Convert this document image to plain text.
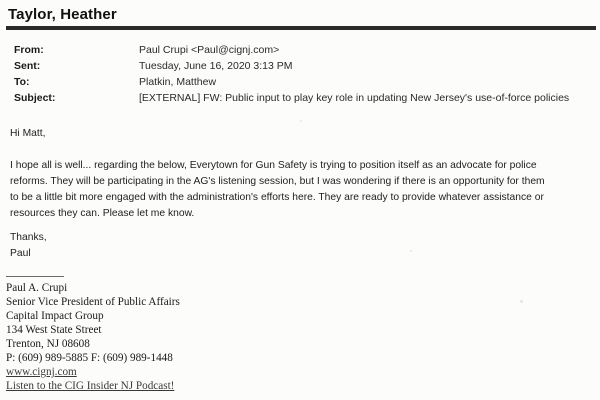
Taylor, Heather
From:	Paul Crupi <Paul@cignj.com>
Sent:	Tuesday, June 16, 2020 3:13 PM
To:	Platkin, Matthew
Subject:	[EXTERNAL] FW: Public input to play key role in updating New Jersey's use-of-force policies
Hi Matt,
I hope all is well... regarding the below, Everytown for Gun Safety is trying to position itself as an advocate for police
reforms. They will be participating in the AG's listening session, but I was wondering if there is an opportunity for them
to be a little bit more engaged with the administration's efforts here. They are ready to provide whatever assistance or
resources they can. Please let me know.
Thanks,
Paul
Paul A. Crupi
Senior Vice President of Public Affairs
Capital Impact Group
134 West State Street
Trenton, NJ 08608
P: (609) 989-5885 F: (609) 989-1448
www.cignj.com
Listen to the CIG Insider NJ Podcast!
